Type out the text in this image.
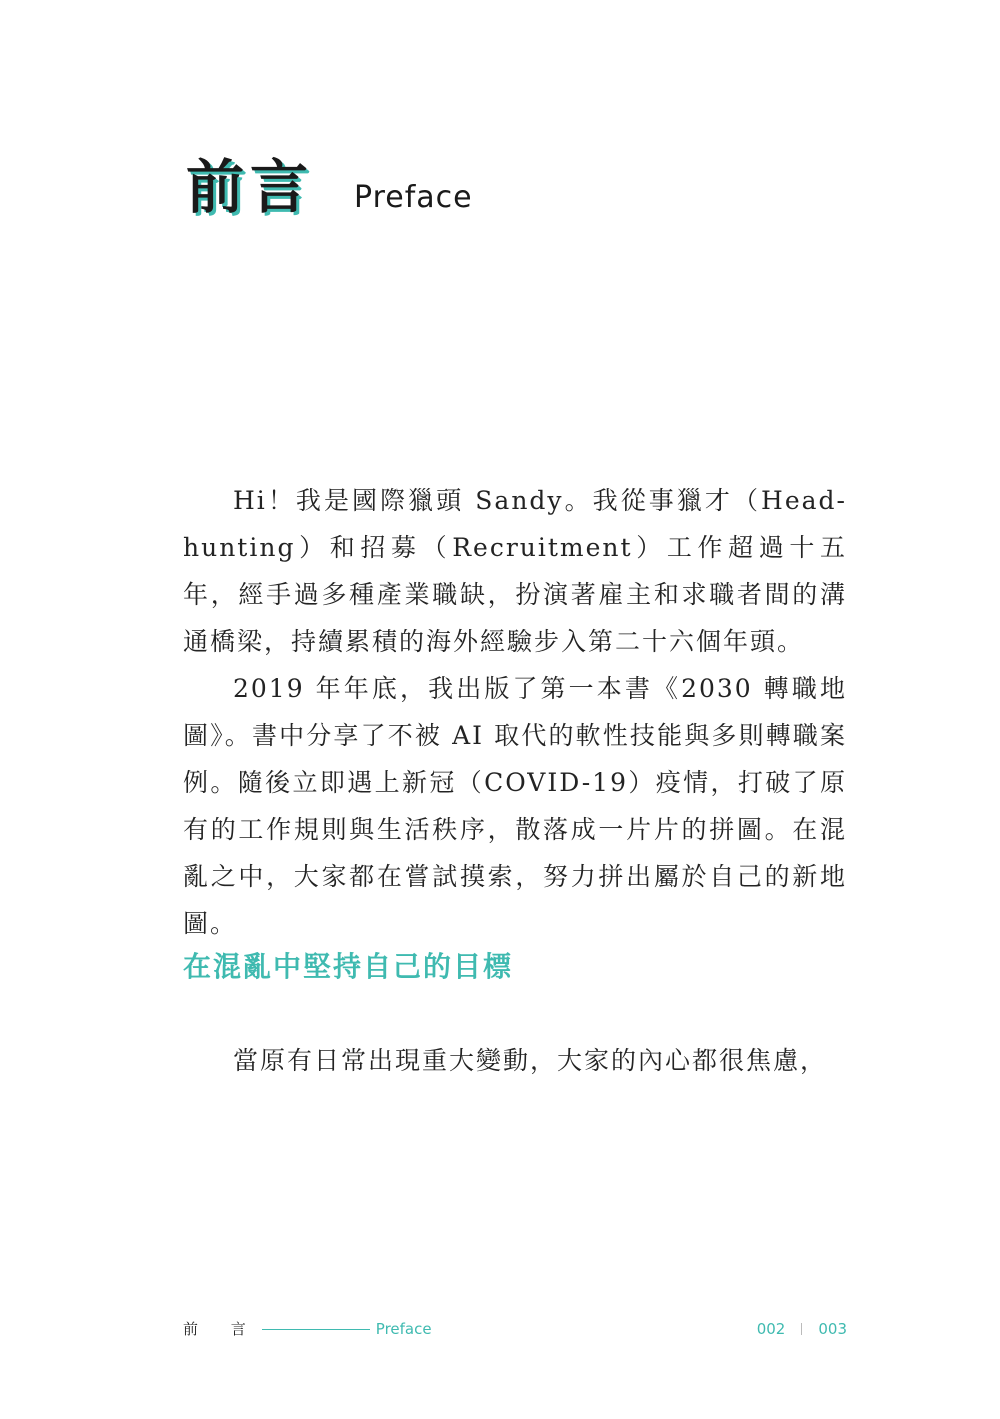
前言 Preface

Hi！我是國際獵頭 Sandy。我從事獵才（Head-hunting）和招募（Recruitment）工作超過十五年，經手過多種產業職缺，扮演著雇主和求職者間的溝通橋梁，持續累積的海外經驗步入第二十六個年頭。

2019 年年底，我出版了第一本書《2030 轉職地圖》。書中分享了不被 AI 取代的軟性技能與多則轉職案例。隨後立即遇上新冠（COVID-19）疫情，打破了原有的工作規則與生活秩序，散落成一片片的拼圖。在混亂之中，大家都在嘗試摸索，努力拼出屬於自己的新地圖。

在混亂中堅持自己的目標

當原有日常出現重大變動，大家的內心都很焦慮，

前 言	Preface	002 003
